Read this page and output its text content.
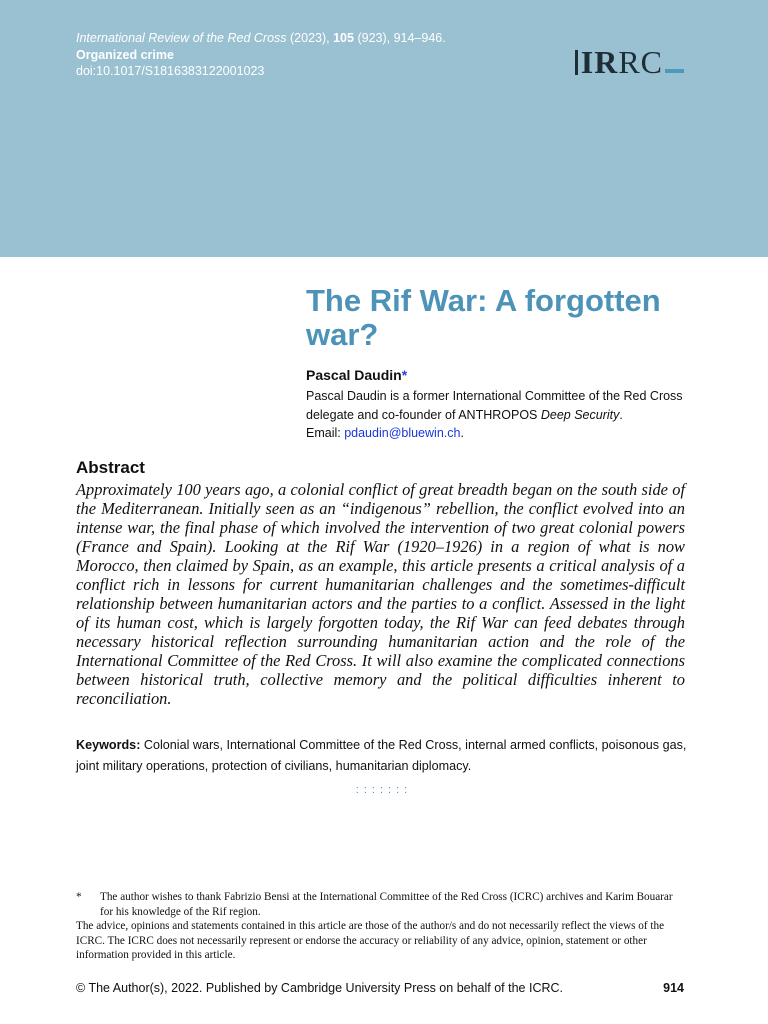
International Review of the Red Cross (2023), 105 (923), 914–946.
Organized crime
doi:10.1017/S1816383122001023	IRRC
The Rif War: A forgotten war?
Pascal Daudin*
Pascal Daudin is a former International Committee of the Red Cross delegate and co-founder of ANTHROPOS Deep Security.
Email: pdaudin@bluewin.ch.
Abstract
Approximately 100 years ago, a colonial conflict of great breadth began on the south side of the Mediterranean. Initially seen as an “indigenous” rebellion, the conflict evolved into an intense war, the final phase of which involved the intervention of two great colonial powers (France and Spain). Looking at the Rif War (1920–1926) in a region of what is now Morocco, then claimed by Spain, as an example, this article presents a critical analysis of a conflict rich in lessons for current humanitarian challenges and the sometimes-difficult relationship between humanitarian actors and the parties to a conflict. Assessed in the light of its human cost, which is largely forgotten today, the Rif War can feed debates through necessary historical reflection surrounding humanitarian action and the role of the International Committee of the Red Cross. It will also examine the complicated connections between historical truth, collective memory and the political difficulties inherent to reconciliation.
Keywords: Colonial wars, International Committee of the Red Cross, internal armed conflicts, poisonous gas, joint military operations, protection of civilians, humanitarian diplomacy.
:::::::
*	The author wishes to thank Fabrizio Bensi at the International Committee of the Red Cross (ICRC) archives and Karim Bouarar for his knowledge of the Rif region.
The advice, opinions and statements contained in this article are those of the author/s and do not necessarily reflect the views of the ICRC. The ICRC does not necessarily represent or endorse the accuracy or reliability of any advice, opinion, statement or other information provided in this article.
© The Author(s), 2022. Published by Cambridge University Press on behalf of the ICRC.	914
